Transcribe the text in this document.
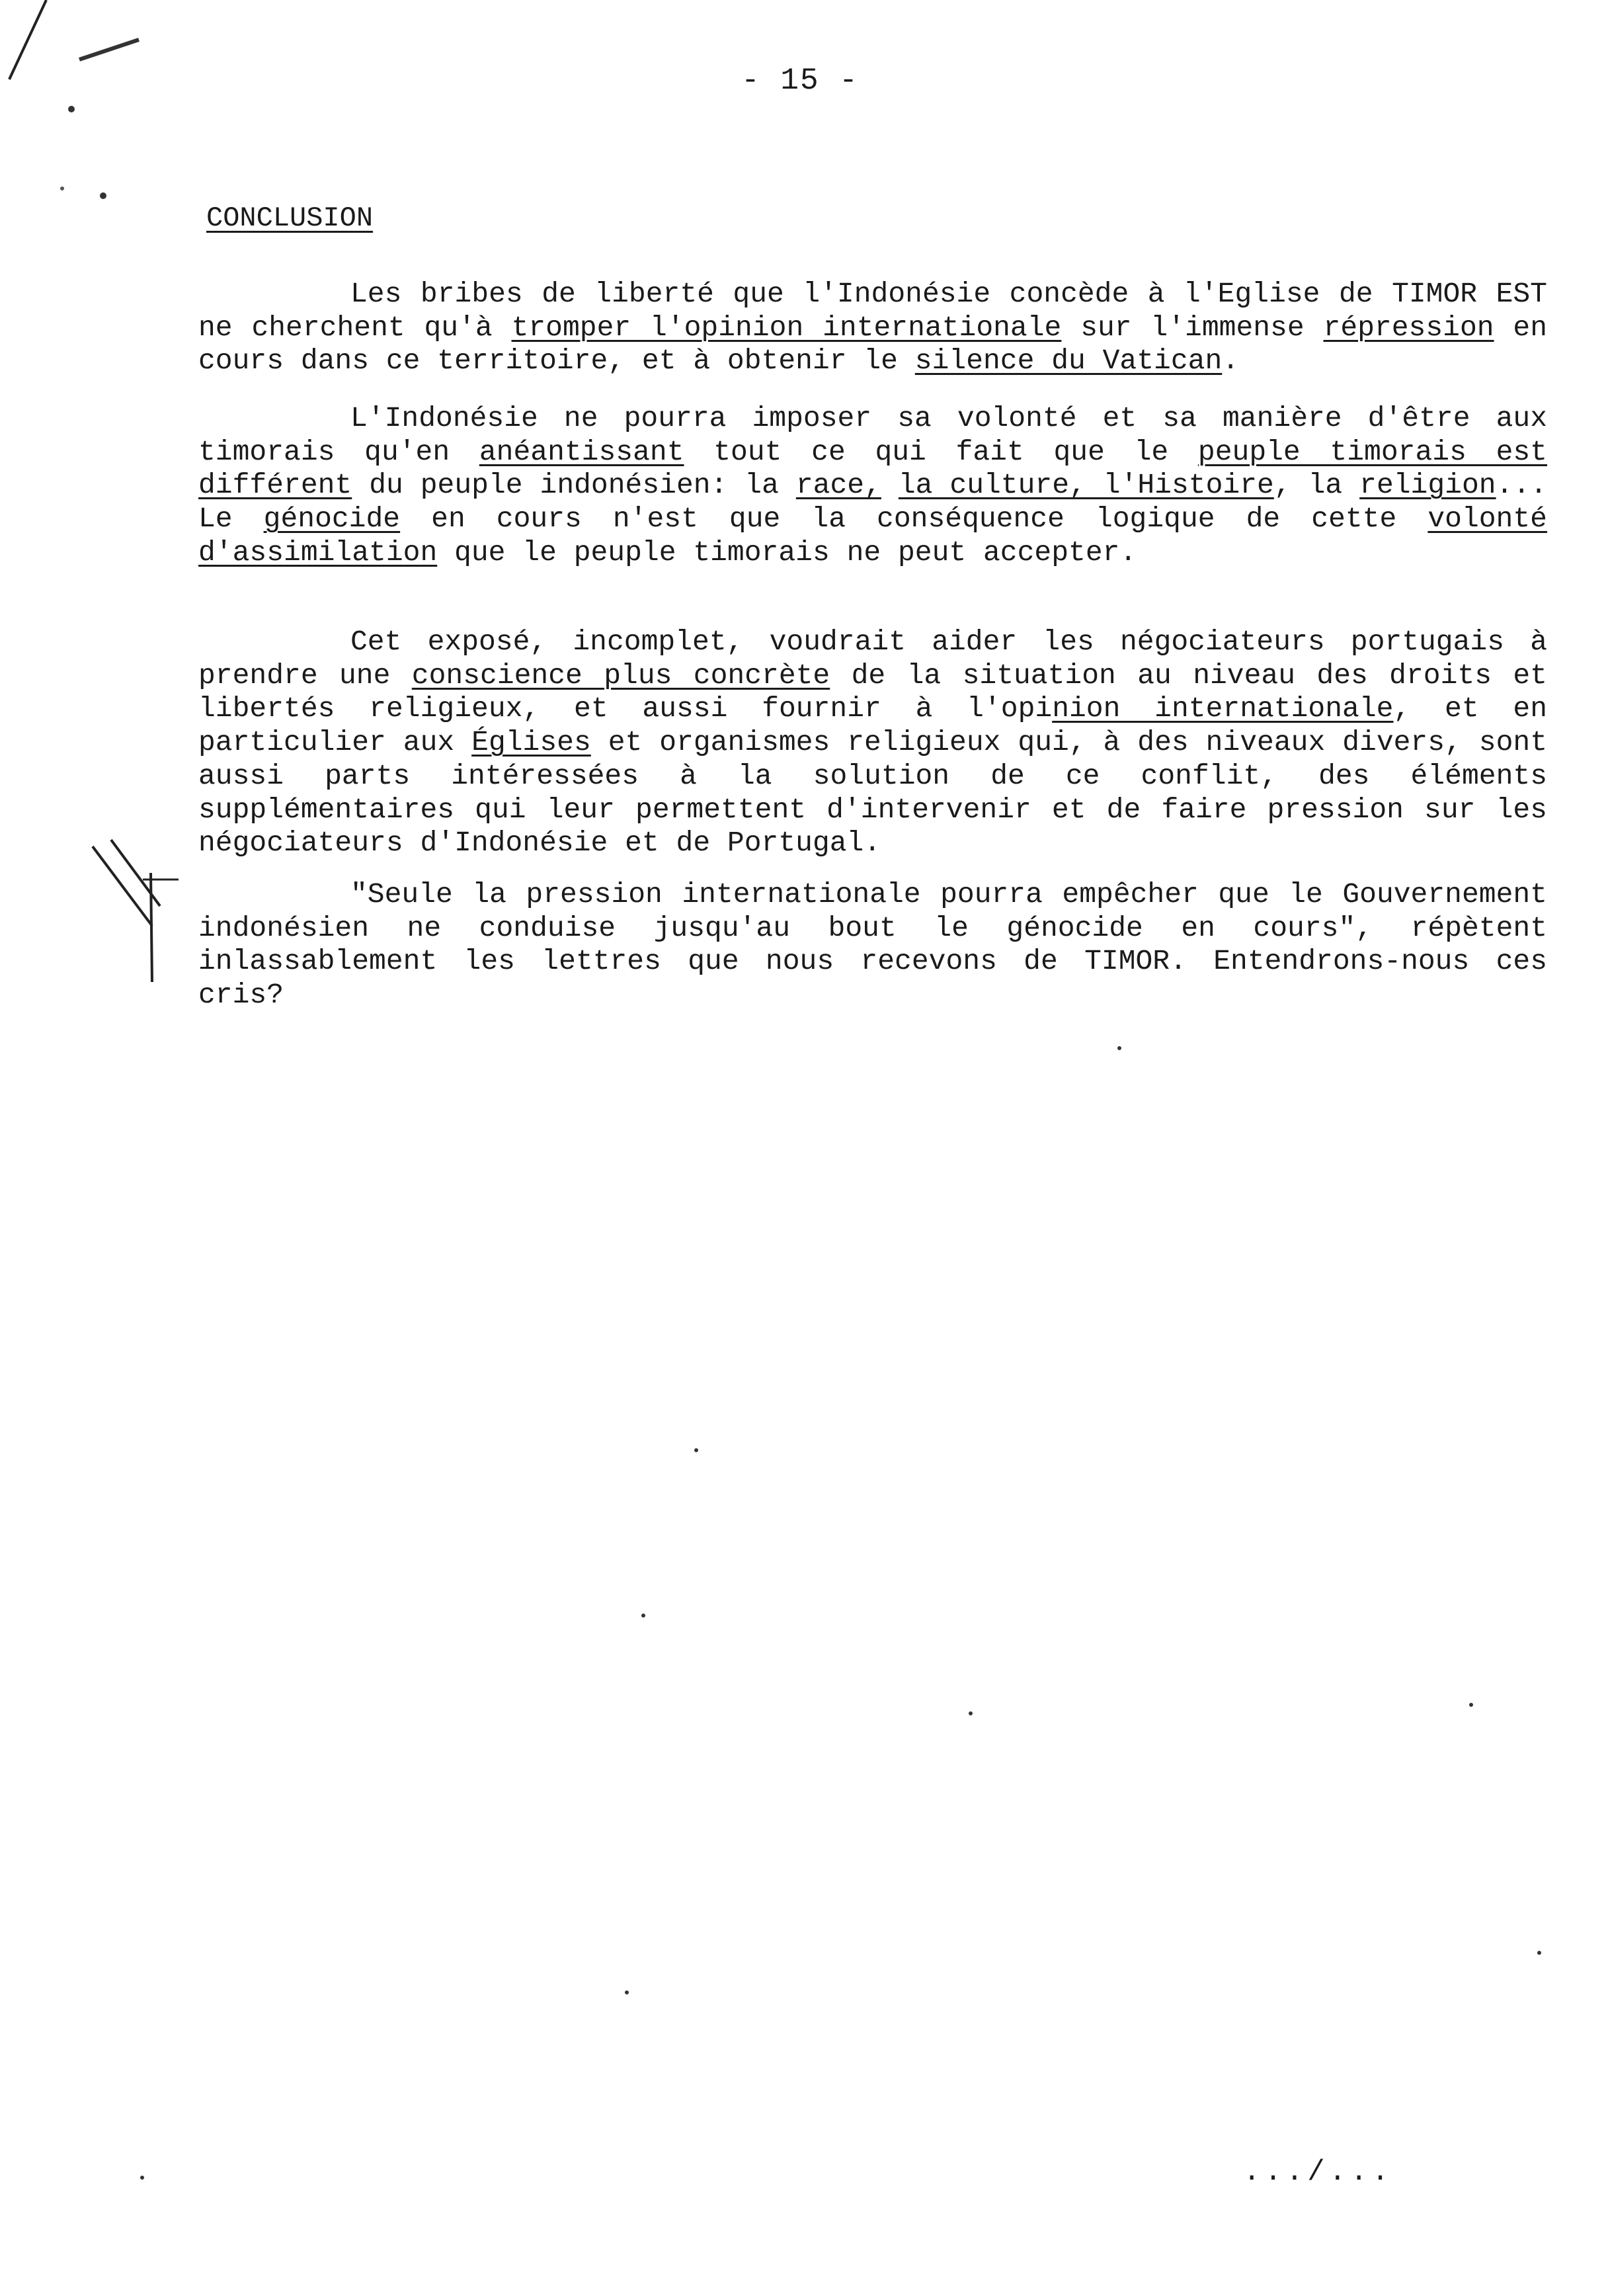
- 15 -
CONCLUSION

Les bribes de liberté que l'Indonésie concède à l'Eglise de TIMOR EST ne cherchent qu'à tromper l'opinion internationale sur l'immense répression en cours dans ce territoire, et à obtenir le silence du Vatican.

L'Indonésie ne pourra imposer sa volonté et sa manière d'être aux timorais qu'en anéantissant tout ce qui fait que le peuple timorais est différent du peuple indonésien: la race, la culture, l'Histoire, la religion... Le génocide en cours n'est que la conséquence logique de cette volonté d'assimilation que le peuple timorais ne peut accepter.

Cet exposé, incomplet, voudrait aider les négociateurs portugais à prendre une conscience plus concrète de la situation au niveau des droits et libertés religieux, et aussi fournir à l'opinion internationale, et en particulier aux Églises et organismes religieux qui, à des niveaux divers, sont aussi parts intéressées à la solution de ce conflit, des éléments supplémentaires qui leur permettent d'intervenir et de faire pression sur les négociateurs d'Indonésie et de Portugal.

"Seule la pression internationale pourra empêcher que le Gouvernement indonésien ne conduise jusqu'au bout le génocide en cours", répètent inlassablement les lettres que nous recevons de TIMOR. Entendrons-nous ces cris?

.../...
